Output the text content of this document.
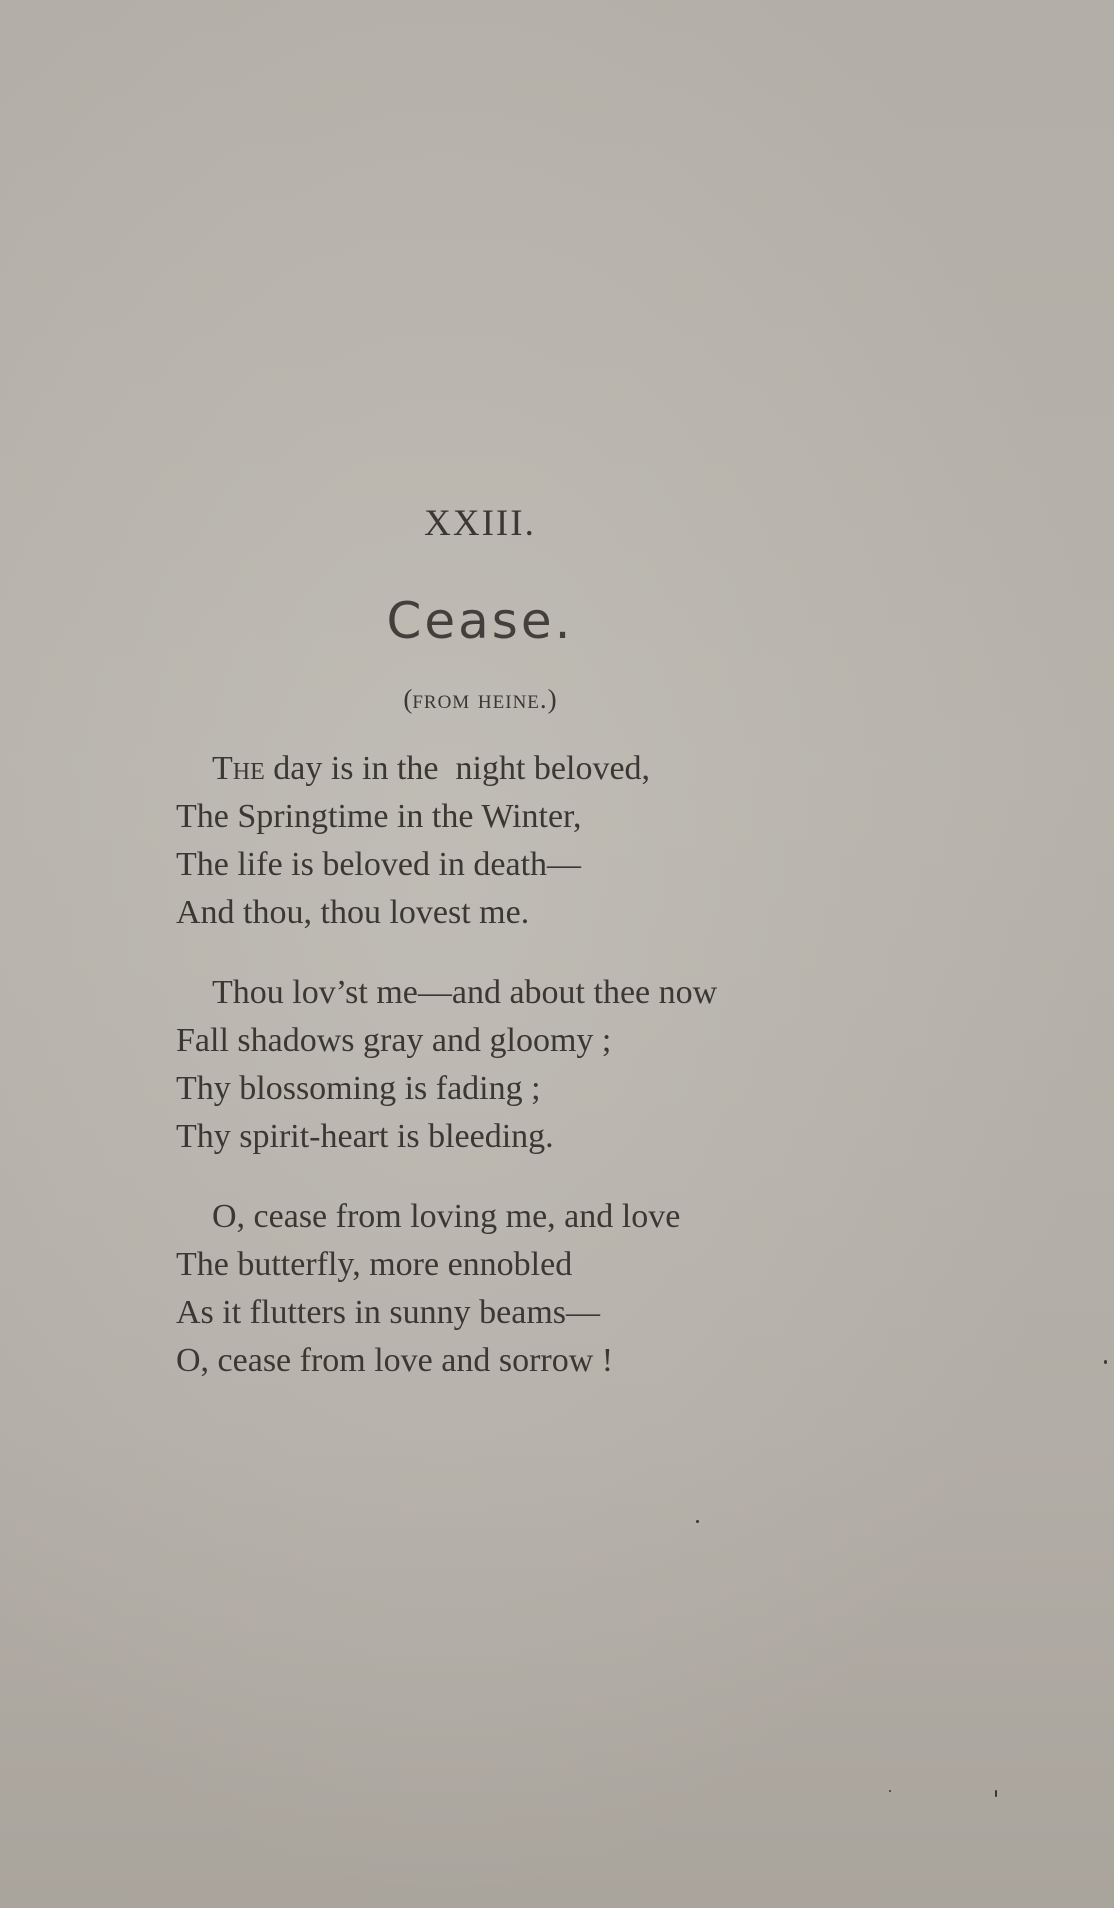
XXIII.
Cease.
(from heine.)
The day is in the  night beloved,
The Springtime in the Winter,
The life is beloved in death—
And thou, thou lovest me.
Thou lov’st me—and about thee now
Fall shadows gray and gloomy ;
Thy blossoming is fading ;
Thy spirit-heart is bleeding.
O, cease from loving me, and love
The butterfly, more ennobled
As it flutters in sunny beams—
O, cease from love and sorrow !
